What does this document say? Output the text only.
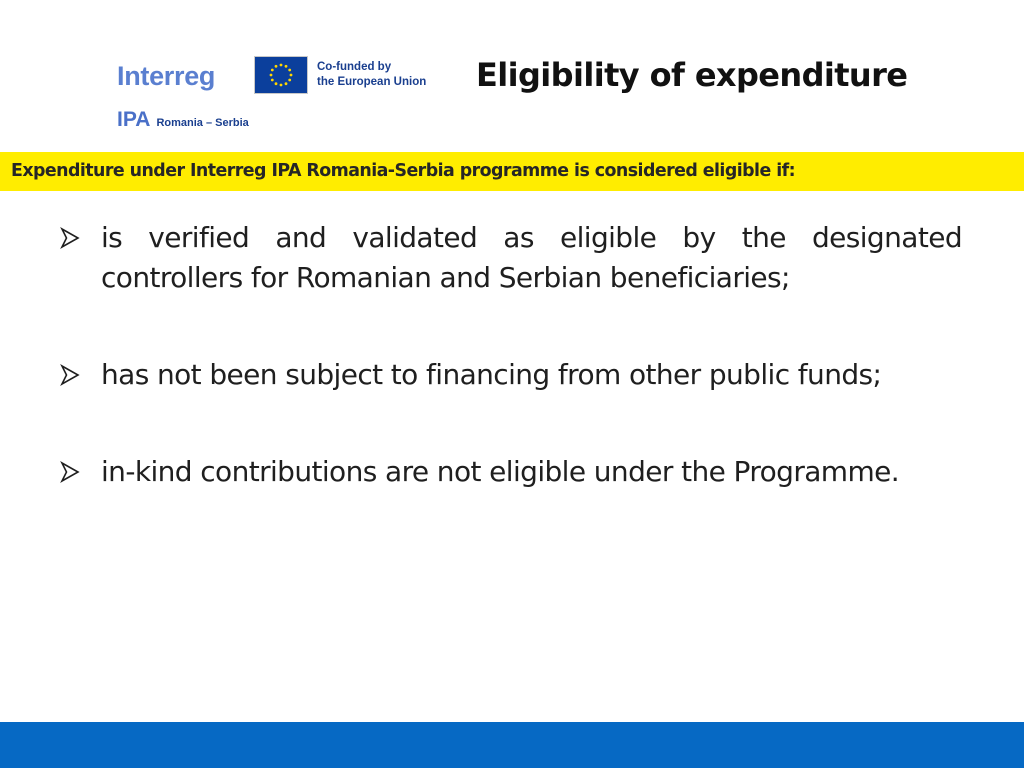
Interreg	Co-funded by
the European Union
IPA Romania – Serbia
Eligibility of expenditure
Expenditure under Interreg IPA Romania-Serbia programme is considered eligible if:
is verified and validated as eligible by the designated controllers for Romanian and Serbian beneficiaries;
has not been subject to financing from other public funds;
in-kind contributions are not eligible under the Programme.
